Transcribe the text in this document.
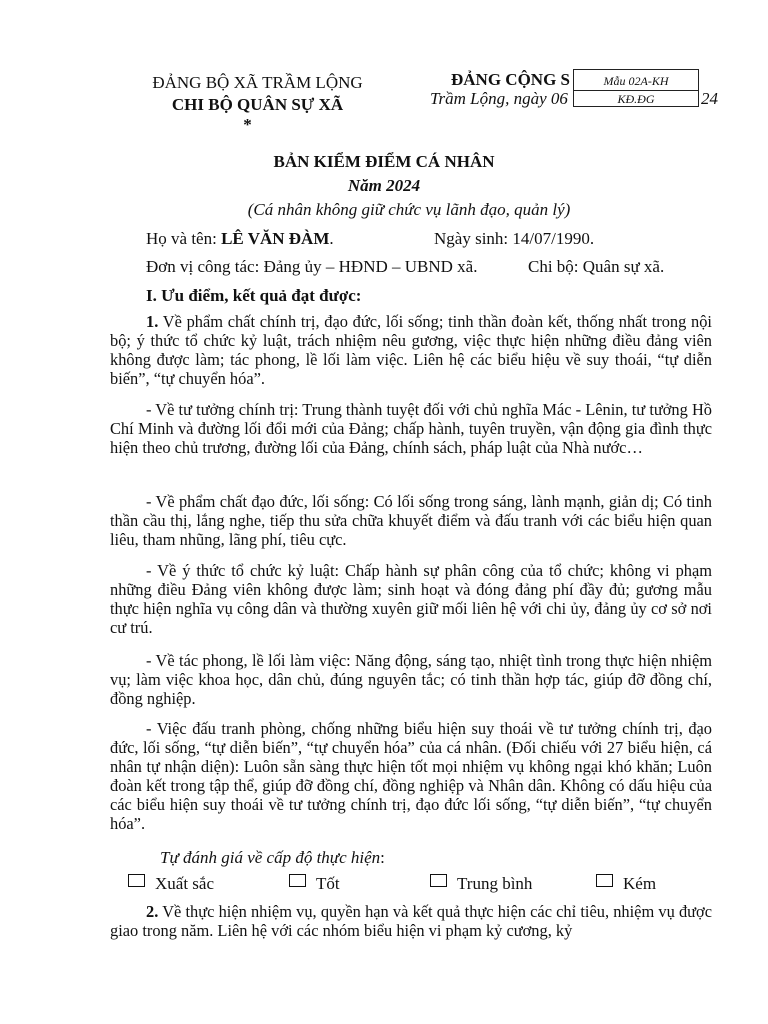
ĐẢNG BỘ XÃ TRẦM LỘNG
CHI BỘ QUÂN SỰ XÃ
*
ĐẢNG CỘNG S
Trầm Lộng, ngày 06	24
Mẫu 02A-KH
KĐ.ĐG
BẢN KIỂM ĐIỂM CÁ NHÂN
Năm 2024
(Cá nhân không giữ chức vụ lãnh đạo, quản lý)
Họ và tên: LÊ VĂN ĐÀM.	Ngày sinh: 14/07/1990.
Đơn vị công tác: Đảng ủy – HĐND – UBND xã.	Chi bộ: Quân sự xã.
I. Ưu điểm, kết quả đạt được:
1. Về phẩm chất chính trị, đạo đức, lối sống; tinh thần đoàn kết, thống nhất trong nội bộ; ý thức tổ chức kỷ luật, trách nhiệm nêu gương, việc thực hiện những điều đảng viên không được làm; tác phong, lề lối làm việc. Liên hệ các biểu hiệu về suy thoái, “tự diễn biến”, “tự chuyển hóa”.
- Về tư tưởng chính trị: Trung thành tuyệt đối với chủ nghĩa Mác - Lênin, tư tưởng Hồ Chí Minh và đường lối đổi mới của Đảng; chấp hành, tuyên truyền, vận động gia đình thực hiện theo chủ trương, đường lối của Đảng, chính sách, pháp luật của Nhà nước…
- Về phẩm chất đạo đức, lối sống: Có lối sống trong sáng, lành mạnh, giản dị; Có tinh thần cầu thị, lắng nghe, tiếp thu sửa chữa khuyết điểm và đấu tranh với các biểu hiện quan liêu, tham nhũng, lãng phí, tiêu cực.
- Về ý thức tổ chức kỷ luật: Chấp hành sự phân công của tổ chức; không vi phạm những điều Đảng viên không được làm; sinh hoạt và đóng đảng phí đầy đủ; gương mẫu thực hiện nghĩa vụ công dân và thường xuyên giữ mối liên hệ với chi ủy, đảng ủy cơ sở nơi cư trú.
- Về tác phong, lề lối làm việc: Năng động, sáng tạo, nhiệt tình trong thực hiện nhiệm vụ; làm việc khoa học, dân chủ, đúng nguyên tắc; có tinh thần hợp tác, giúp đỡ đồng chí, đồng nghiệp.
- Việc đấu tranh phòng, chống những biểu hiện suy thoái về tư tưởng chính trị, đạo đức, lối sống, “tự diễn biến”, “tự chuyển hóa” của cá nhân. (Đối chiếu với 27 biểu hiện, cá nhân tự nhận diện): Luôn sẵn sàng thực hiện tốt mọi nhiệm vụ không ngại khó khăn; Luôn đoàn kết trong tập thể, giúp đỡ đồng chí, đồng nghiệp và Nhân dân. Không có dấu hiệu của các biểu hiện suy thoái về tư tưởng chính trị, đạo đức lối sống, “tự diễn biến”, “tự chuyển hóa”.
Tự đánh giá về cấp độ thực hiện:
Xuất sắc	Tốt	Trung bình	Kém
2. Về thực hiện nhiệm vụ, quyền hạn và kết quả thực hiện các chỉ tiêu, nhiệm vụ được giao trong năm. Liên hệ với các nhóm biểu hiện vi phạm kỷ cương, kỷ
